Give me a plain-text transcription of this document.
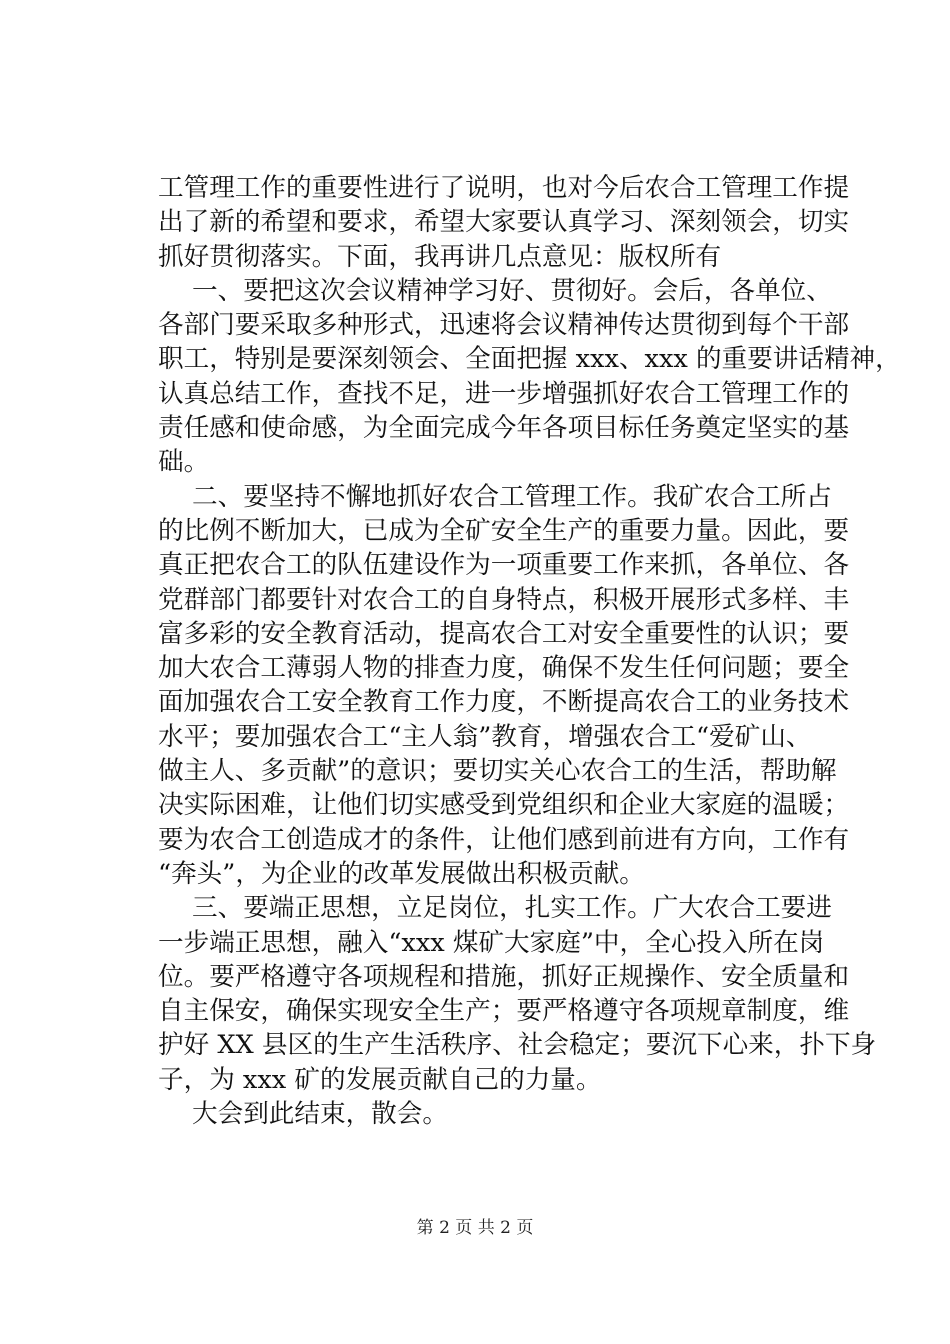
工管理工作的重要性进行了说明，也对今后农合工管理工作提
出了新的希望和要求，希望大家要认真学习、深刻领会，切实
抓好贯彻落实。下面，我再讲几点意见：版权所有
一、要把这次会议精神学习好、贯彻好。会后，各单位、
各部门要采取多种形式，迅速将会议精神传达贯彻到每个干部
职工，特别是要深刻领会、全面把握 xxx、xxx 的重要讲话精神，
认真总结工作，查找不足，进一步增强抓好农合工管理工作的
责任感和使命感，为全面完成今年各项目标任务奠定坚实的基
础。
二、要坚持不懈地抓好农合工管理工作。我矿农合工所占
的比例不断加大，已成为全矿安全生产的重要力量。因此，要
真正把农合工的队伍建设作为一项重要工作来抓，各单位、各
党群部门都要针对农合工的自身特点，积极开展形式多样、丰
富多彩的安全教育活动，提高农合工对安全重要性的认识；要
加大农合工薄弱人物的排查力度，确保不发生任何问题；要全
面加强农合工安全教育工作力度，不断提高农合工的业务技术
水平；要加强农合工“主人翁”教育，增强农合工“爱矿山、
做主人、多贡献”的意识；要切实关心农合工的生活，帮助解
决实际困难，让他们切实感受到党组织和企业大家庭的温暖；
要为农合工创造成才的条件，让他们感到前进有方向，工作有
“奔头”，为企业的改革发展做出积极贡献。
三、要端正思想，立足岗位，扎实工作。广大农合工要进
一步端正思想，融入“xxx 煤矿大家庭”中，全心投入所在岗
位。要严格遵守各项规程和措施，抓好正规操作、安全质量和
自主保安，确保实现安全生产；要严格遵守各项规章制度，维
护好 XX 县区的生产生活秩序、社会稳定；要沉下心来，扑下身
子，为 xxx 矿的发展贡献自己的力量。
大会到此结束，散会。
第 2 页 共 2 页
